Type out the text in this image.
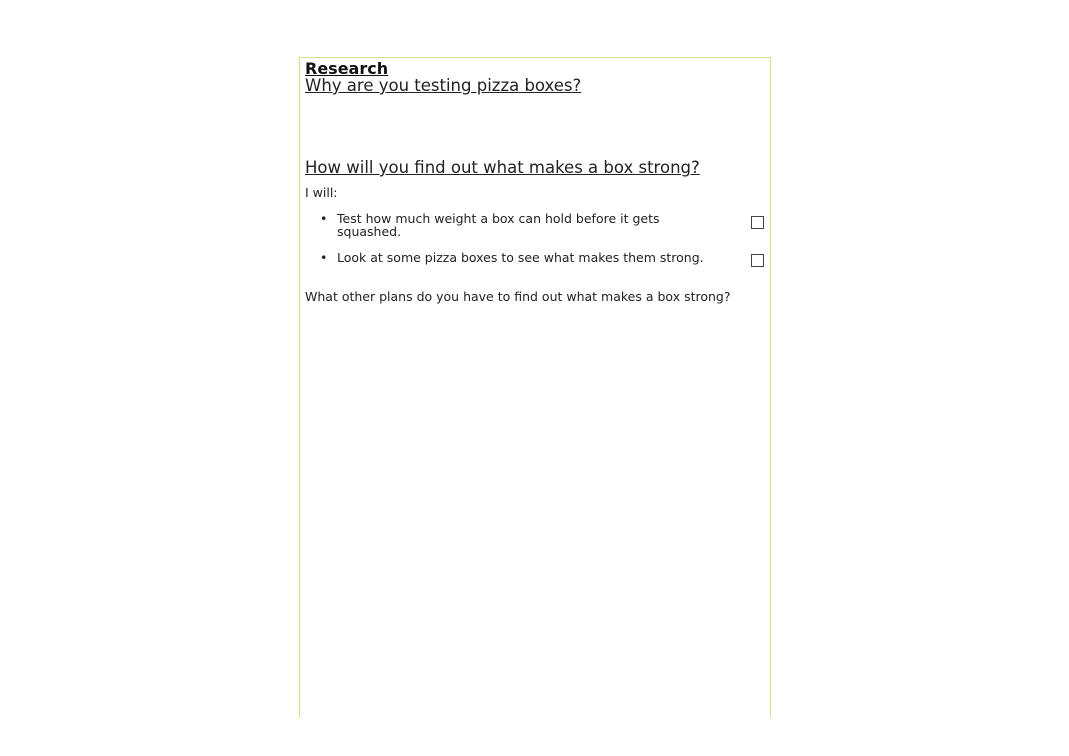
Research
Why are you testing pizza boxes?
How will you find out what makes a box strong?
I will:
• Test how much weight a box can hold before it gets squashed.
• Look at some pizza boxes to see what makes them strong.
What other plans do you have to find out what makes a box strong?
